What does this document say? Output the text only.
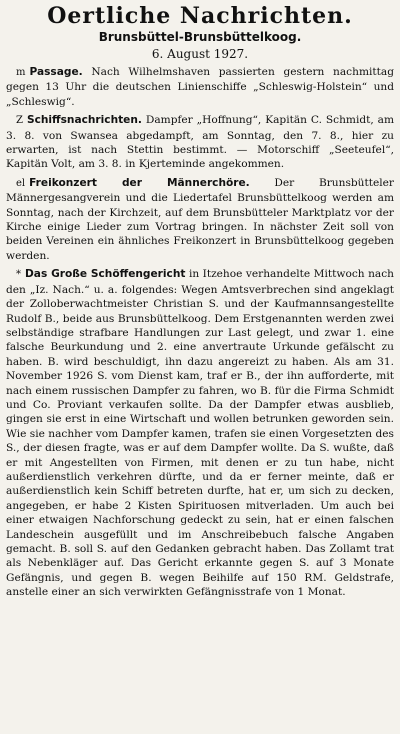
Oertliche Nachrichten.
Brunsbüttel-Brunsbüttelkoog.
6. August 1927.

m Passage. Nach Wilhelmshaven passierten gestern nachmittag gegen 13 Uhr die deutschen Linienschiffe „Schleswig-Holstein“ und „Schleswig“.

Z Schiffsnachrichten. Dampfer „Hoffnung“, Kapitän C. Schmidt, am 3. 8. von Swansea abgedampft, am Sonntag, den 7. 8., hier zu erwarten, ist nach Stettin bestimmt. — Motorschiff „Seeteufel“, Kapitän Volt, am 3. 8. in Kjerteminde angekommen.

el Freikonzert der Männerchöre. Der Brunsbütteler Männergesangverein und die Liedertafel Brunsbüttelkoog werden am Sonntag, nach der Kirchzeit, auf dem Brunsbütteler Marktplatz vor der Kirche einige Lieder zum Vortrag bringen. In nächster Zeit soll von beiden Vereinen ein ähnliches Freikonzert in Brunsbüttelkoog gegeben werden.

* Das Große Schöffengericht in Itzehoe verhandelte Mittwoch nach den „Iz. Nach.“ u. a. folgendes: Wegen Amtsverbrechen sind angeklagt der Zolloberwachtmeister Christian S. und der Kaufmannsangestellte Rudolf B., beide aus Brunsbüttelkoog. Dem Erstgenannten werden zwei selbständige strafbare Handlungen zur Last gelegt, und zwar 1. eine falsche Beurkundung und 2. eine anvertraute Urkunde gefälscht zu haben. B. wird beschuldigt, ihn dazu angereizt zu haben. Als am 31. November 1926 S. vom Dienst kam, traf er B., der ihn aufforderte, mit nach einem russischen Dampfer zu fahren, wo B. für die Firma Schmidt und Co. Proviant verkaufen sollte. Da der Dampfer etwas ausblieb, gingen sie erst in eine Wirtschaft und wollen betrunken geworden sein. Wie sie nachher vom Dampfer kamen, trafen sie einen Vorgesetzten des S., der diesen fragte, was er auf dem Dampfer wollte. Da S. wußte, daß er mit Angestellten von Firmen, mit denen er zu tun habe, nicht außerdienstlich verkehren dürfte, und da er ferner meinte, daß er außerdienstlich kein Schiff betreten durfte, hat er, um sich zu decken, angegeben, er habe 2 Kisten Spirituosen mitverladen. Um auch bei einer etwaigen Nachforschung gedeckt zu sein, hat er einen falschen Landeschein ausgefüllt und im Anschreibebuch falsche Angaben gemacht. B. soll S. auf den Gedanken gebracht haben. Das Zollamt trat als Nebenkläger auf. Das Gericht erkannte gegen S. auf 3 Monate Gefängnis, und gegen B. wegen Beihilfe auf 150 RM. Geldstrafe, anstelle einer an sich verwirkten Gefängnisstrafe von 1 Monat.
